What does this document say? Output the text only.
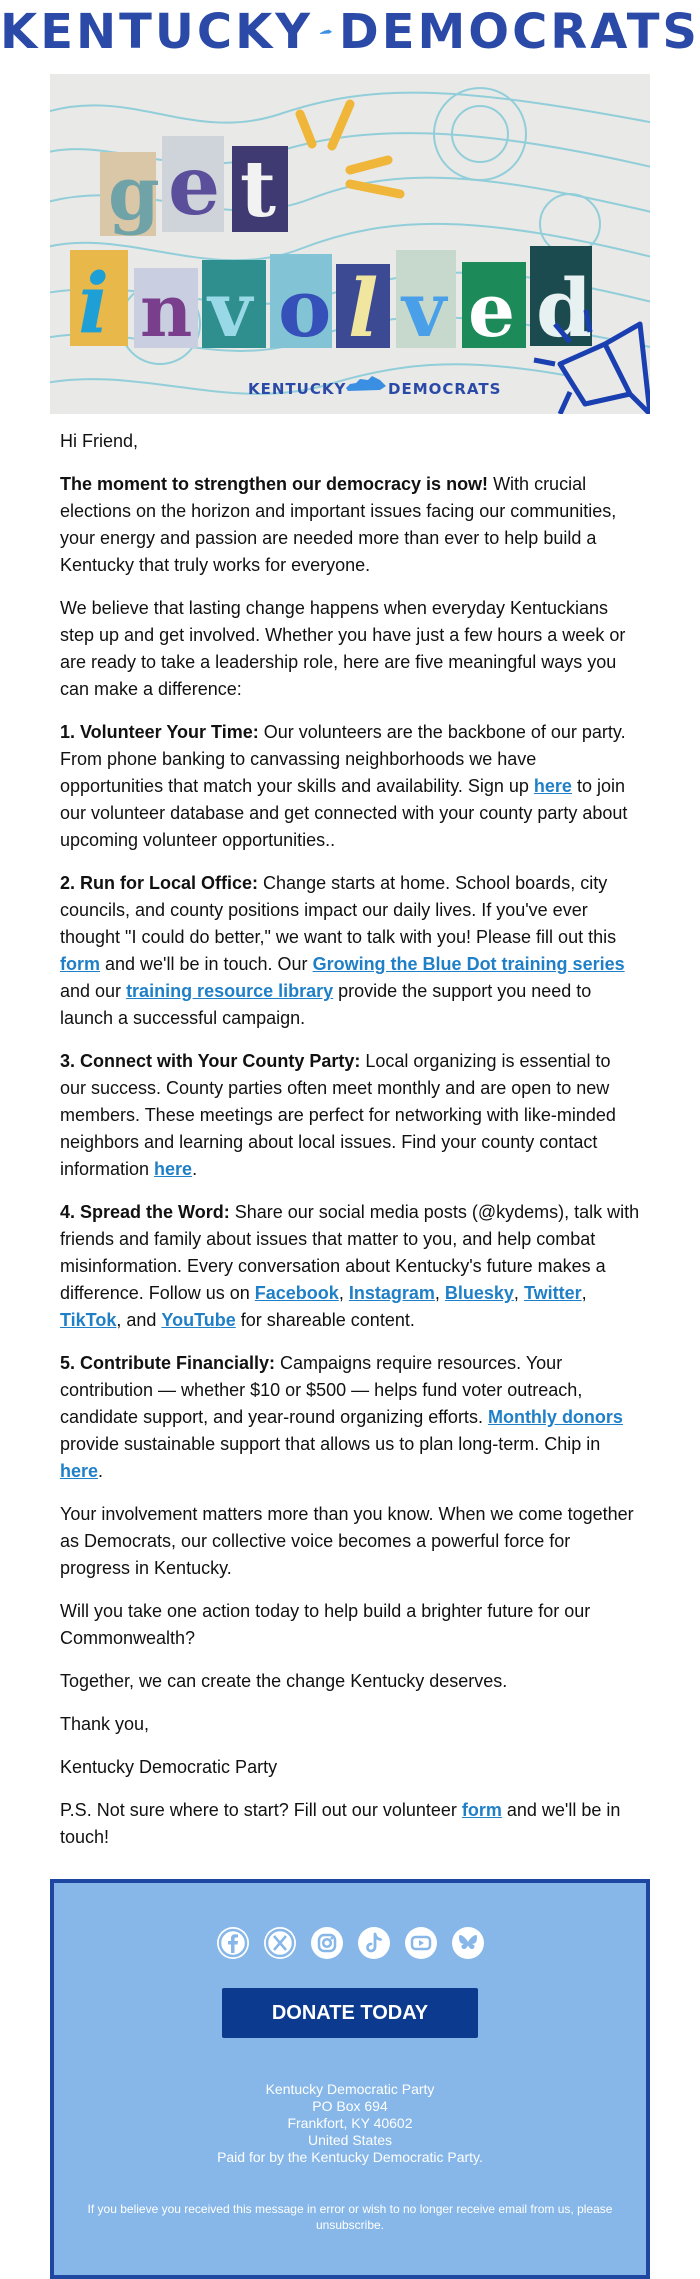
KENTUCKY DEMOCRATS
g e t
i n v o l v e d
KENTUCKY	DEMOCRATS

Hi Friend,

The moment to strengthen our democracy is now! With crucial elections on the horizon and important issues facing our communities, your energy and passion are needed more than ever to help build a Kentucky that truly works for everyone.

We believe that lasting change happens when everyday Kentuckians step up and get involved. Whether you have just a few hours a week or are ready to take a leadership role, here are five meaningful ways you can make a difference:

1. Volunteer Your Time: Our volunteers are the backbone of our party. From phone banking to canvassing neighborhoods we have opportunities that match your skills and availability. Sign up here to join our volunteer database and get connected with your county party about upcoming volunteer opportunities..

2. Run for Local Office: Change starts at home. School boards, city councils, and county positions impact our daily lives. If you've ever thought "I could do better," we want to talk with you! Please fill out this form and we'll be in touch. Our Growing the Blue Dot training series and our training resource library provide the support you need to launch a successful campaign.

3. Connect with Your County Party: Local organizing is essential to our success. County parties often meet monthly and are open to new members. These meetings are perfect for networking with like-minded neighbors and learning about local issues. Find your county contact information here.

4. Spread the Word: Share our social media posts (@kydems), talk with friends and family about issues that matter to you, and help combat misinformation. Every conversation about Kentucky's future makes a difference. Follow us on Facebook, Instagram, Bluesky, Twitter, TikTok, and YouTube for shareable content.

5. Contribute Financially: Campaigns require resources. Your contribution — whether $10 or $500 — helps fund voter outreach, candidate support, and year-round organizing efforts. Monthly donors provide sustainable support that allows us to plan long-term. Chip in here.

Your involvement matters more than you know. When we come together as Democrats, our collective voice becomes a powerful force for progress in Kentucky.

Will you take one action today to help build a brighter future for our Commonwealth?

Together, we can create the change Kentucky deserves.

Thank you,

Kentucky Democratic Party

P.S. Not sure where to start? Fill out our volunteer form and we'll be in touch!

DONATE TODAY
Kentucky Democratic Party
PO Box 694
Frankfort, KY 40602
United States
Paid for by the Kentucky Democratic Party.
If you believe you received this message in error or wish to no longer receive email from us, please unsubscribe.
